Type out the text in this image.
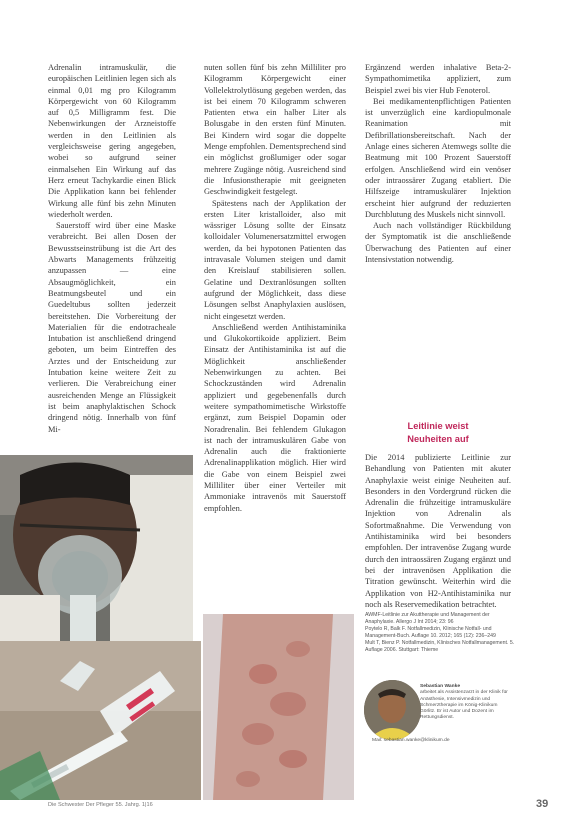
Adrenalin intramuskulär, die europäischen Leitlinien legen sich als einmal 0,01 mg pro Kilogramm Körpergewicht von 60 Kilogramm auf 0,5 Milligramm fest. Die Nebenwirkungen der Arzneistoffe werden in den Leitlinien als vergleichsweise gering angegeben, wobei so aufgrund seiner einmalsehen Ein Wirkung auf das Herz erneut Tachykardie einen Blick Die Applikation kann bei fehlender Wirkung alle fünf bis zehn Minuten wiederholt werden.

Sauerstoff wird über eine Maske verabreicht. Bei allen Dosen der Bewusstseinstrübung ist die Art des Abwarts Managements frühzeitig anzupassen — eine Absaugmöglichkeit, ein Beatmungsbeutel und ein Guedeltubus sollten jederzeit bereitstehen. Die Vorbereitung der Materialien für die endotracheale Intubation ist anschließend dringend geboten, um beim Eintreffen des Arztes und der Entscheidung zur Intubation keine weitere Zeit zu verlieren. Die Verabreichung einer ausreichenden Menge an Flüssigkeit ist beim anaphylaktischen Schock dringend nötig. Innerhalb von fünf Mi-

nuten sollen fünf bis zehn Milliliter pro Kilogramm Körpergewicht einer Vollelektrolytlösung gegeben werden, das ist bei einem 70 Kilogramm schweren Patienten etwa ein halber Liter als Bolusgabe in den ersten fünf Minuten. Bei Kindern wird sogar die doppelte Menge empfohlen. Dementsprechend sind ein möglichst großlumiger oder sogar mehrere Zugänge nötig. Ausreichend sind die Infusionstherapie mit geeigneten Geschwindigkeit festgelegt.

Spätestens nach der Applikation der ersten Liter kristalloider, also mit wässriger Lösung sollte der Einsatz kolloidaler Volumenersatzmittel erwogen werden, da bei hypotonen Patienten das intravasale Volumen steigen und damit den Kreislauf stabilisieren sollen. Gelatine und Dextranlösungen sollten aufgrund der Möglichkeit, dass diese Lösungen selbst Anaphylaxien auslösen, nicht eingesetzt werden.

Anschließend werden Antihistaminika und Glukokortikoide appliziert. Beim Einsatz der Antihistaminika ist auf die Möglichkeit anschließender Nebenwirkungen zu achten. Bei Schockzuständen wird Adrenalin appliziert und gegebenenfalls durch weitere sympathomimetische Wirkstoffe ergänzt, zum Beispiel Dopamin oder Noradrenalin. Bei fehlendem Glukagon ist nach der intramuskulären Gabe von Adrenalin auch die fraktionierte Adrenalinapplikation möglich. Hier wird die Gabe von einem Beispiel zwei Milliliter über einer Verteiler mit Ammoniake intravenös mit Sauerstoff empfohlen.

Ergänzend werden inhalative Beta-2-Sympathomimetika appliziert, zum Beispiel zwei bis vier Hub Fenoterol.

Bei medikamentenpflichtigen Patienten ist unverzüglich eine kardiopulmonale Reanimation mit Defibrillationsbereitschaft. Nach der Anlage eines sicheren Atemwegs sollte die Beatmung mit 100 Prozent Sauerstoff erfolgen. Anschließend wird ein venöser oder intraossärer Zugang etabliert. Die Hilfszeige intramuskulärer Injektion erscheint hier aufgrund der reduzierten Durchblutung des Muskels nicht sinnvoll.

Auch nach vollständiger Rückbildung der Symptomatik ist die anschließende Überwachung des Patienten auf einer Intensivstation notwendig.

Leitlinie weist
Neuheiten auf

Die 2014 publizierte Leitlinie zur Behandlung von Patienten mit akuter Anaphylaxie weist einige Neuheiten auf. Besonders in den Vordergrund rücken die Adrenalin die frühzeitige intramuskuläre Injektion von Adrenalin als Sofortmaßnahme. Die Verwendung von Antihistaminika wird bei besonders empfohlen. Der intravenöse Zugang wurde durch den intraossären Zugang ergänzt und bei der intravenösen Applikation die Titration gewünscht. Weiterhin wird die Applikation von H2-Antihistaminika nur noch als Reservemedikation betrachtet.

AWMF-Leitlinie zur Akuttherapie und Management der Anaphylaxie. Allergo J Int 2014; 23: 96

Poytelo R, Balk F. Notfallmedizin, Klinische Notfall- und Management-Buch. Auflage 10. 2012; 165 (12): 236–249

Mult T, Bienz P. Notfallmedizin, Klinisches Notfallmanagement. 5. Auflage 2006. Stuttgart: Thieme

Sebastian Wanke
arbeitet als Assistenzarzt in der Klinik für Anästhesie, Intensivmedizin und Schmerztherapie im König-Klinikum Görlitz. Er ist Autor und Dozent im Rettungsdienst.
Mail: sebastian.wanke@klinikum.de
Die Schwester Der Pfleger 55. Jahrg. 1|16	39
